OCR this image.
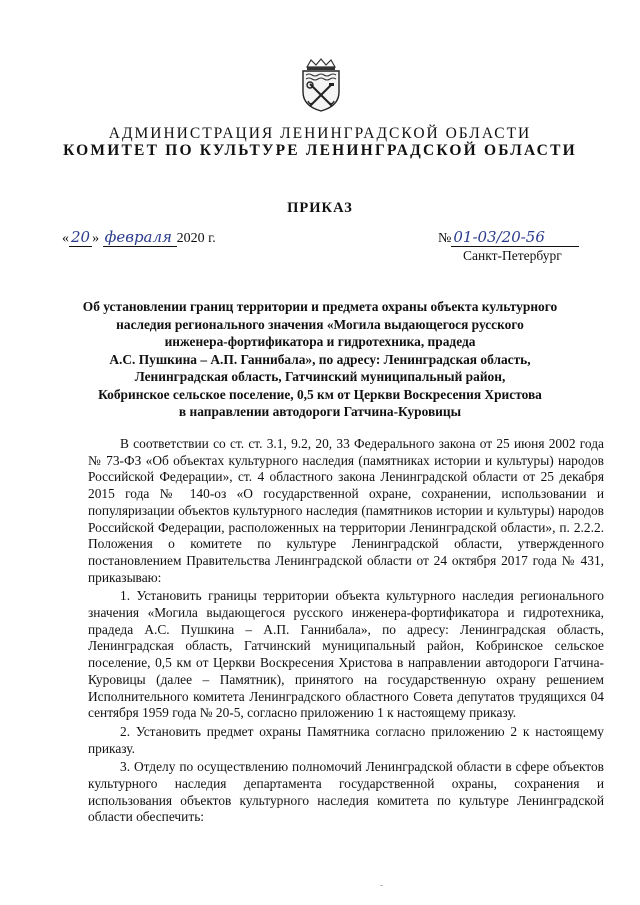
АДМИНИСТРАЦИЯ ЛЕНИНГРАДСКОЙ ОБЛАСТИ
КОМИТЕТ ПО КУЛЬТУРЕ ЛЕНИНГРАДСКОЙ ОБЛАСТИ
ПРИКАЗ
« 20 » февраля 2020 г.	№ 01-03/20-56
Санкт-Петербург
Об установлении границ территории и предмета охраны объекта культурного
наследия регионального значения «Могила выдающегося русского
инженера-фортификатора и гидротехника, прадеда
А.С. Пушкина – А.П. Ганнибала», по адресу: Ленинградская область,
Ленинградская область, Гатчинский муниципальный район,
Кобринское сельское поселение, 0,5 км от Церкви Воскресения Христова
в направлении автодороги Гатчина-Куровицы

В соответствии со ст. ст. 3.1, 9.2, 20, 33 Федерального закона от 25 июня 2002 года № 73-ФЗ «Об объектах культурного наследия (памятниках истории и культуры) народов Российской Федерации», ст. 4 областного закона Ленинградской области от 25 декабря 2015 года № 140-оз «О государственной охране, сохранении, использовании и популяризации объектов культурного наследия (памятников истории и культуры) народов Российской Федерации, расположенных на территории Ленинградской области», п. 2.2.2. Положения о комитете по культуре Ленинградской области, утвержденного постановлением Правительства Ленинградской области от 24 октября 2017 года № 431, приказываю:

1. Установить границы территории объекта культурного наследия регионального значения «Могила выдающегося русского инженера-фортификатора и гидротехника, прадеда А.С. Пушкина – А.П. Ганнибала», по адресу: Ленинградская область, Ленинградская область, Гатчинский муниципальный район, Кобринское сельское поселение, 0,5 км от Церкви Воскресения Христова в направлении автодороги Гатчина-Куровицы (далее – Памятник), принятого на государственную охрану решением Исполнительного комитета Ленинградского областного Совета депутатов трудящихся 04 сентября 1959 года № 20-5, согласно приложению 1 к настоящему приказу.

2. Установить предмет охраны Памятника согласно приложению 2 к настоящему приказу.

3. Отделу по осуществлению полномочий Ленинградской области в сфере объектов культурного наследия департамента государственной охраны, сохранения и использования объектов культурного наследия комитета по культуре Ленинградской области обеспечить:
